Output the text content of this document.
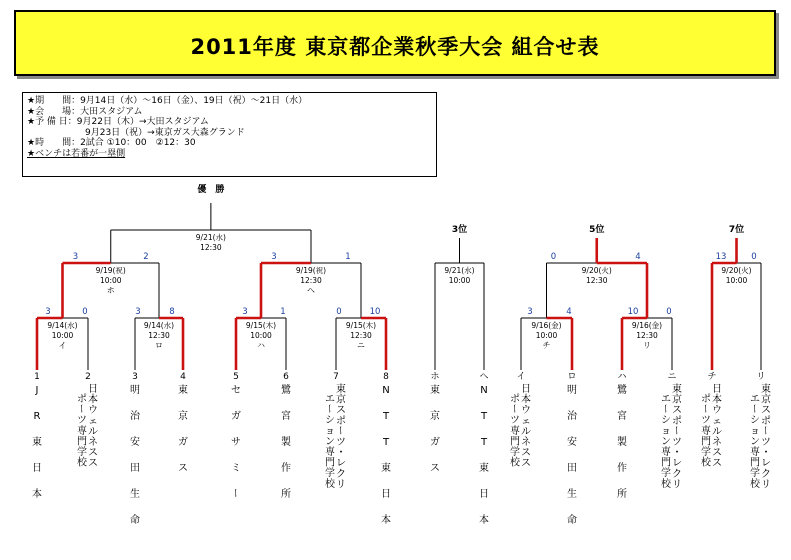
2011年度 東京都企業秋季大会 組合せ表
★期　　間：9月14日（水）～16日（金）、19日（祝）～21日（水）
★会　　場：大田スタジアム
★予 備 日：9月22日（木）→大田スタジアム
9月23日（祝）→東京ガス大森グランド
★時　　間：2試合 ①10：00　②12：30
★ベンチは若番が一塁側
1
J
R
東
日
本
2
日
本
ウ
ェ
ル
ネ
ス
ス
ポ
ー
ツ
専
門
学
校
3
明
治
安
田
生
命
4
東
京
ガ
ス
5
セ
ガ
サ
ミ
ー
6
鷺
宮
製
作
所
7
東
京
ス
ポ
ー
ツ
・
レ
ク
リ
エ
ー
シ
ョ
ン
専
門
学
校
8
N
T
T
東
日
本
ホ
東
京
ガ
ス
ヘ
N
T
T
東
日
本
イ
日
本
ウ
ェ
ル
ネ
ス
ス
ポ
ー
ツ
専
門
学
校
ロ
明
治
安
田
生
命
ハ
鷺
宮
製
作
所
ニ
東
京
ス
ポ
ー
ツ
・
レ
ク
リ
エ
ー
シ
ョ
ン
専
門
学
校
チ
日
本
ウ
ェ
ル
ネ
ス
ス
ポ
ー
ツ
専
門
学
校
リ
東
京
ス
ポ
ー
ツ
・
レ
ク
リ
エ
ー
シ
ョ
ン
専
門
学
校
9/14(水)
10:00
イ
3	0
9/14(水)
12:30
ロ
3	8
9/15(木)
10:00
ハ
3	1
9/15(木)
12:30
ニ
0	10
9/19(祝)
10:00
ホ
3	2
9/19(祝)
12:30
ヘ
3	1
9/21(水)
12:30
優　勝
9/21(水)
10:00
3位
9/16(金)
10:00
チ
3	4
9/16(金)
12:30
リ
10	0
9/20(火)
12:30
0	4
5位
9/20(火)
10:00
13	0
7位
